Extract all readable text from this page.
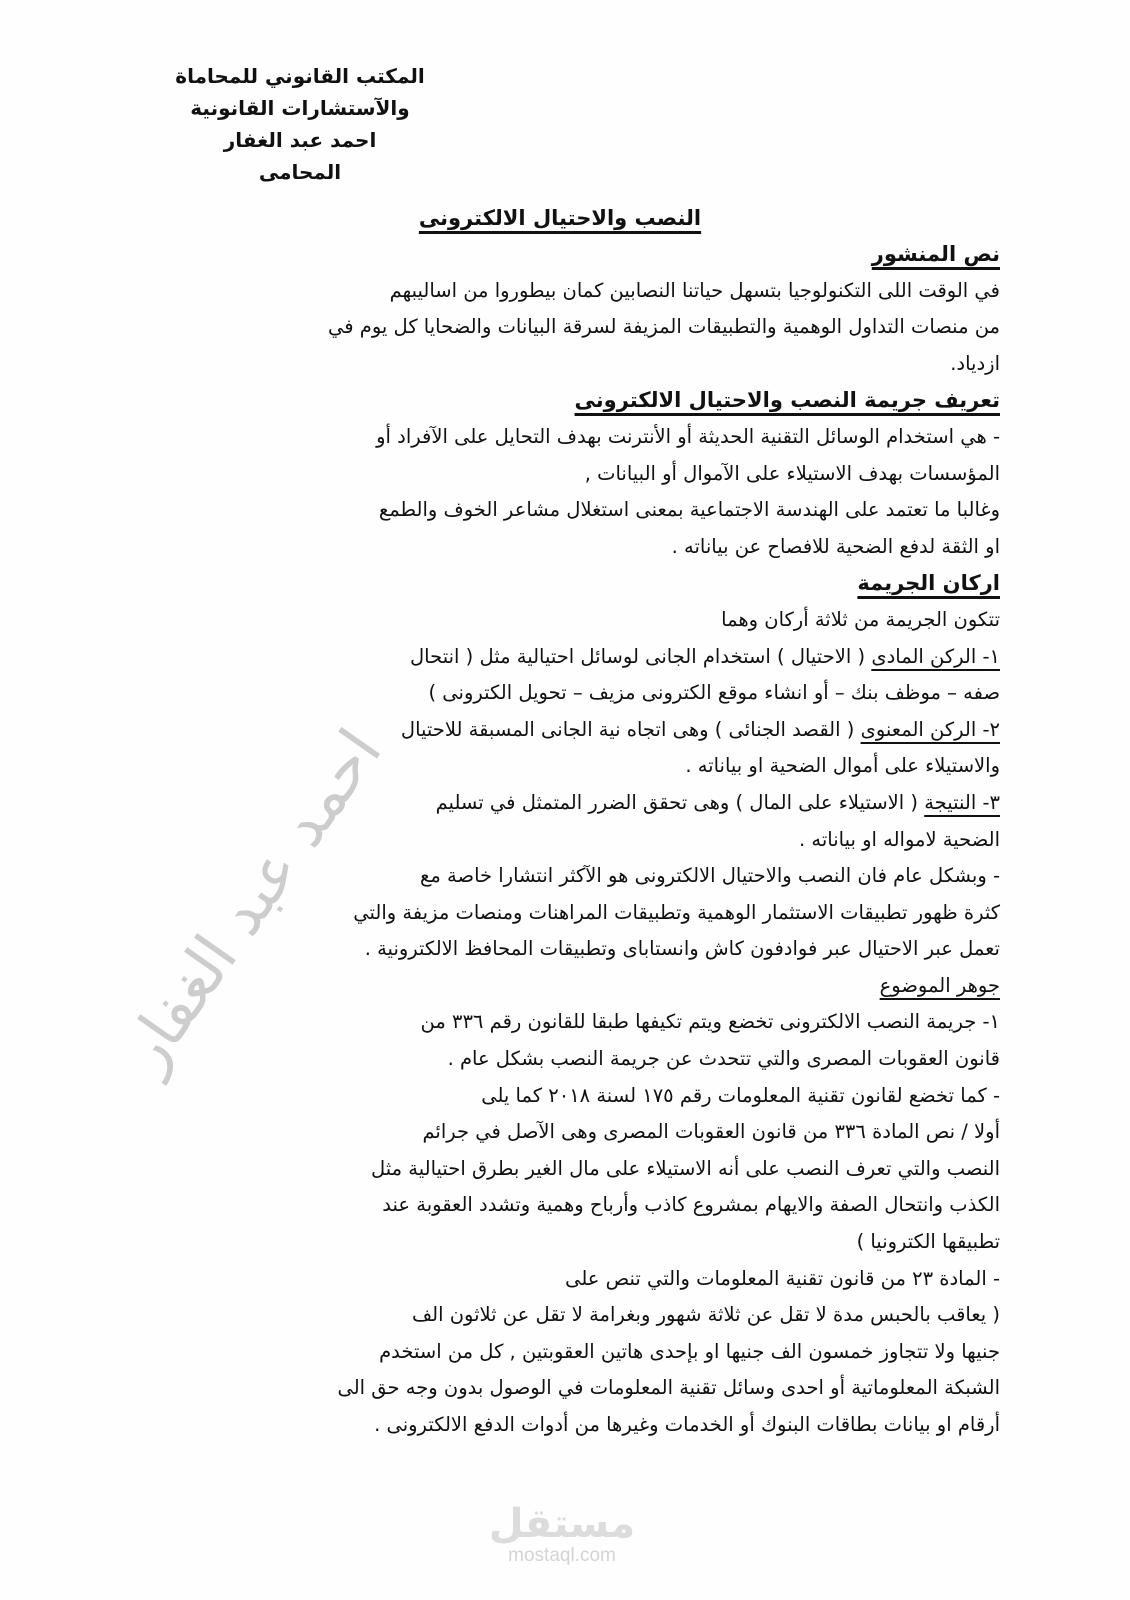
المكتب القانوني للمحاماة
والآستشارات القانونية
احمد عبد الغفار
المحامى
النصب والاحتيال الالكترونى
نص المنشور
في الوقت اللى التكنولوجيا بتسهل حياتنا النصابين كمان بيطوروا من اساليبهم
من منصات التداول الوهمية والتطبيقات المزيفة لسرقة البيانات والضحايا كل يوم في
ازدياد.
تعريف جريمة النصب والاحتيال الالكترونى
- هي استخدام الوسائل التقنية الحديثة أو الأنترنت بهدف التحايل على الآفراد أو
المؤسسات بهدف الاستيلاء على الآموال أو البيانات ,
وغالبا ما تعتمد على الهندسة الاجتماعية بمعنى استغلال مشاعر الخوف والطمع
او الثقة لدفع الضحية للافصاح عن بياناته .
اركان الجريمة
تتكون الجريمة من ثلاثة أركان وهما
١- الركن المادى ( الاحتيال ) استخدام الجانى لوسائل احتيالية مثل ( انتحال
صفه – موظف بنك – أو انشاء موقع الكترونى مزيف – تحويل الكترونى )
٢- الركن المعنوى ( القصد الجنائى ) وهى اتجاه نية الجانى المسبقة للاحتيال
والاستيلاء على أموال الضحية او بياناته .
٣- النتيجة ( الاستيلاء على المال ) وهى تحقق الضرر المتمثل في تسليم
الضحية لامواله او بياناته .
- وبشكل عام فان النصب والاحتيال الالكترونى هو الآكثر انتشارا خاصة مع
كثرة ظهور تطبيقات الاستثمار الوهمية وتطبيقات المراهنات ومنصات مزيفة والتي
تعمل عبر الاحتيال عبر فوادفون كاش وانستاباى وتطبيقات المحافظ الالكترونية .
جوهر الموضوع
١- جريمة النصب الالكترونى تخضع ويتم تكيفها طبقا للقانون رقم ٣٣٦ من
قانون العقوبات المصرى والتي تتحدث عن جريمة النصب بشكل عام .
- كما تخضع لقانون تقنية المعلومات رقم ١٧٥ لسنة ٢٠١٨ كما يلى
أولا / نص المادة ٣٣٦ من قانون العقوبات المصرى وهى الآصل في جرائم
النصب والتي تعرف النصب على أنه الاستيلاء على مال الغير بطرق احتيالية مثل
الكذب وانتحال الصفة والايهام بمشروع كاذب وأرباح وهمية وتشدد العقوبة عند
تطبيقها الكترونيا )
- المادة ٢٣ من قانون تقنية المعلومات والتي تنص على
( يعاقب بالحبس مدة لا تقل عن ثلاثة شهور وبغرامة لا تقل عن ثلاثون الف
جنيها ولا تتجاوز خمسون الف جنيها او بإحدى هاتين العقوبتين , كل من استخدم
الشبكة المعلوماتية أو احدى وسائل تقنية المعلومات في الوصول بدون وجه حق الى
أرقام او بيانات بطاقات البنوك أو الخدمات وغيرها من أدوات الدفع الالكترونى .
احمد عبد الغفار
مستقل
mostaql.com
